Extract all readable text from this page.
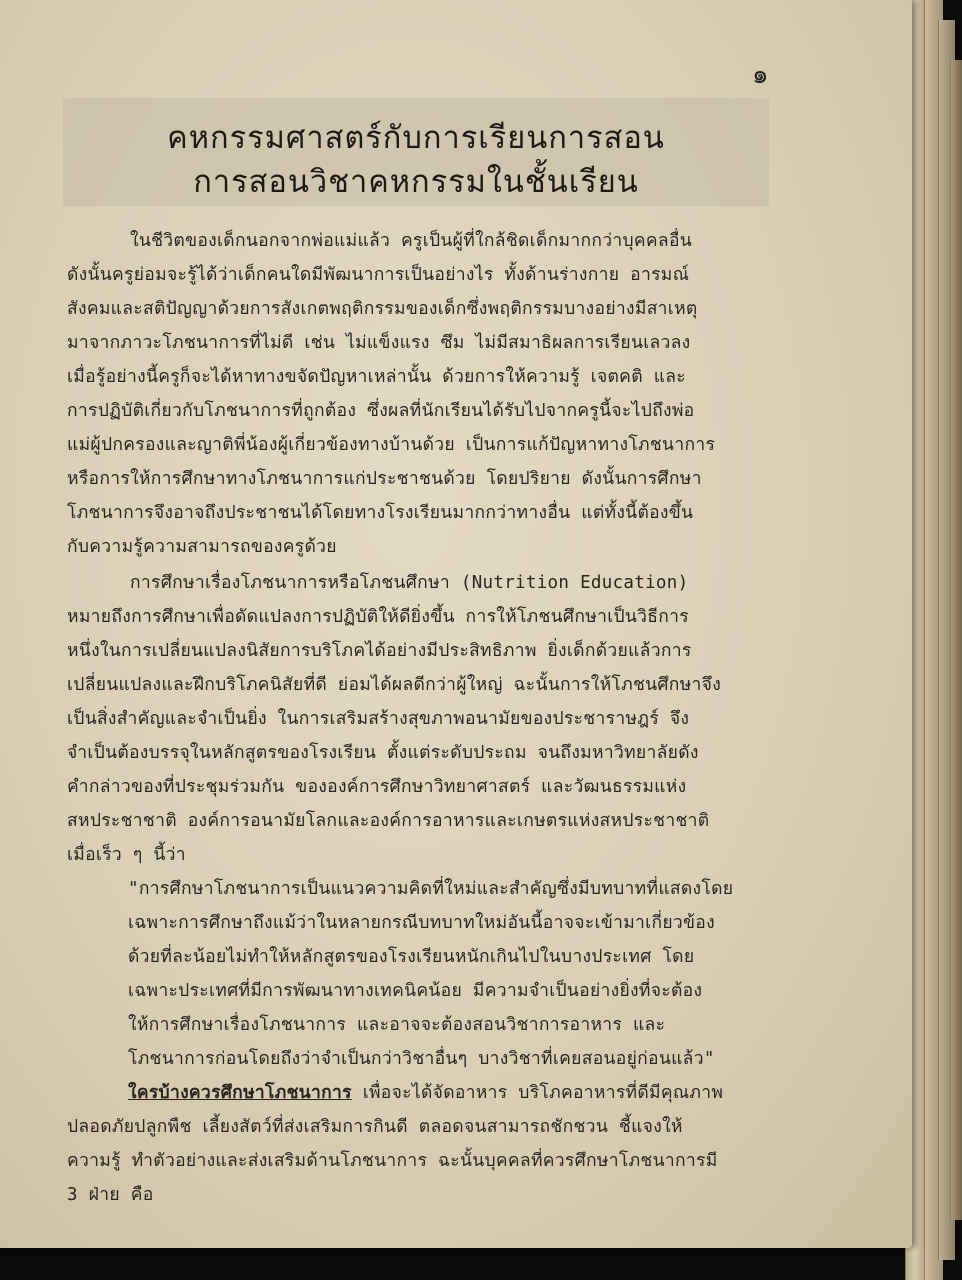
๑
คหกรรมศาสตร์กับการเรียนการสอน
การสอนวิชาคหกรรมในชั้นเรียน
ในชีวิตของเด็กนอกจากพ่อแม่แล้ว ครูเป็นผู้ที่ใกล้ชิดเด็กมากกว่าบุคคลอื่น
ดังนั้นครูย่อมจะรู้ได้ว่าเด็กคนใดมีพัฒนาการเป็นอย่างไร ทั้งด้านร่างกาย อารมณ์
สังคมและสติปัญญาด้วยการสังเกตพฤติกรรมของเด็กซึ่งพฤติกรรมบางอย่างมีสาเหตุ
มาจากภาวะโภชนาการที่ไม่ดี เช่น ไม่แข็งแรง ซึม ไม่มีสมาธิผลการเรียนเลวลง
เมื่อรู้อย่างนี้ครูก็จะได้หาทางขจัดปัญหาเหล่านั้น ด้วยการให้ความรู้ เจตคติ และ
การปฏิบัติเกี่ยวกับโภชนาการที่ถูกต้อง ซึ่งผลที่นักเรียนได้รับไปจากครูนี้จะไปถึงพ่อ
แม่ผู้ปกครองและญาติพี่น้องผู้เกี่ยวข้องทางบ้านด้วย เป็นการแก้ปัญหาทางโภชนาการ
หรือการให้การศึกษาทางโภชนาการแก่ประชาชนด้วย โดยปริยาย ดังนั้นการศึกษา
โภชนาการจึงอาจถึงประชาชนได้โดยทางโรงเรียนมากกว่าทางอื่น แต่ทั้งนี้ต้องขึ้น
กับความรู้ความสามารถของครูด้วย
การศึกษาเรื่องโภชนาการหรือโภชนศึกษา (Nutrition Education)
หมายถึงการศึกษาเพื่อดัดแปลงการปฏิบัติให้ดียิ่งขึ้น การให้โภชนศึกษาเป็นวิธีการ
หนึ่งในการเปลี่ยนแปลงนิสัยการบริโภคได้อย่างมีประสิทธิภาพ ยิ่งเด็กด้วยแล้วการ
เปลี่ยนแปลงและฝึกบริโภคนิสัยที่ดี ย่อมได้ผลดีกว่าผู้ใหญ่ ฉะนั้นการให้โภชนศึกษาจึง
เป็นสิ่งสำคัญและจำเป็นยิ่ง ในการเสริมสร้างสุขภาพอนามัยของประชาราษฎร์ จึง
จำเป็นต้องบรรจุในหลักสูตรของโรงเรียน ตั้งแต่ระดับประถม จนถึงมหาวิทยาลัยดัง
คำกล่าวของที่ประชุมร่วมกัน ขององค์การศึกษาวิทยาศาสตร์ และวัฒนธรรมแห่ง
สหประชาชาติ องค์การอนามัยโลกและองค์การอาหารและเกษตรแห่งสหประชาชาติ
เมื่อเร็ว ๆ นี้ว่า
"การศึกษาโภชนาการเป็นแนวความคิดที่ใหม่และสำคัญซึ่งมีบทบาทที่แสดงโดย
เฉพาะการศึกษาถึงแม้ว่าในหลายกรณีบทบาทใหม่อันนี้อาจจะเข้ามาเกี่ยวข้อง
ด้วยที่ละน้อยไม่ทำให้หลักสูตรของโรงเรียนหนักเกินไปในบางประเทศ โดย
เฉพาะประเทศที่มีการพัฒนาทางเทคนิคน้อย มีความจำเป็นอย่างยิ่งที่จะต้อง
ให้การศึกษาเรื่องโภชนาการ และอาจจะต้องสอนวิชาการอาหาร และ
โภชนาการก่อนโดยถึงว่าจำเป็นกว่าวิชาอื่นๆ บางวิชาที่เคยสอนอยู่ก่อนแล้ว"
ใครบ้างควรศึกษาโภชนาการ เพื่อจะได้จัดอาหาร บริโภคอาหารที่ดีมีคุณภาพ
ปลอดภัยปลูกพืช เลี้ยงสัตว์ที่ส่งเสริมการกินดี ตลอดจนสามารถชักชวน ชี้แจงให้
ความรู้ ทำตัวอย่างและส่งเสริมด้านโภชนาการ ฉะนั้นบุคคลที่ควรศึกษาโภชนาการมี
3 ฝ่าย คือ
